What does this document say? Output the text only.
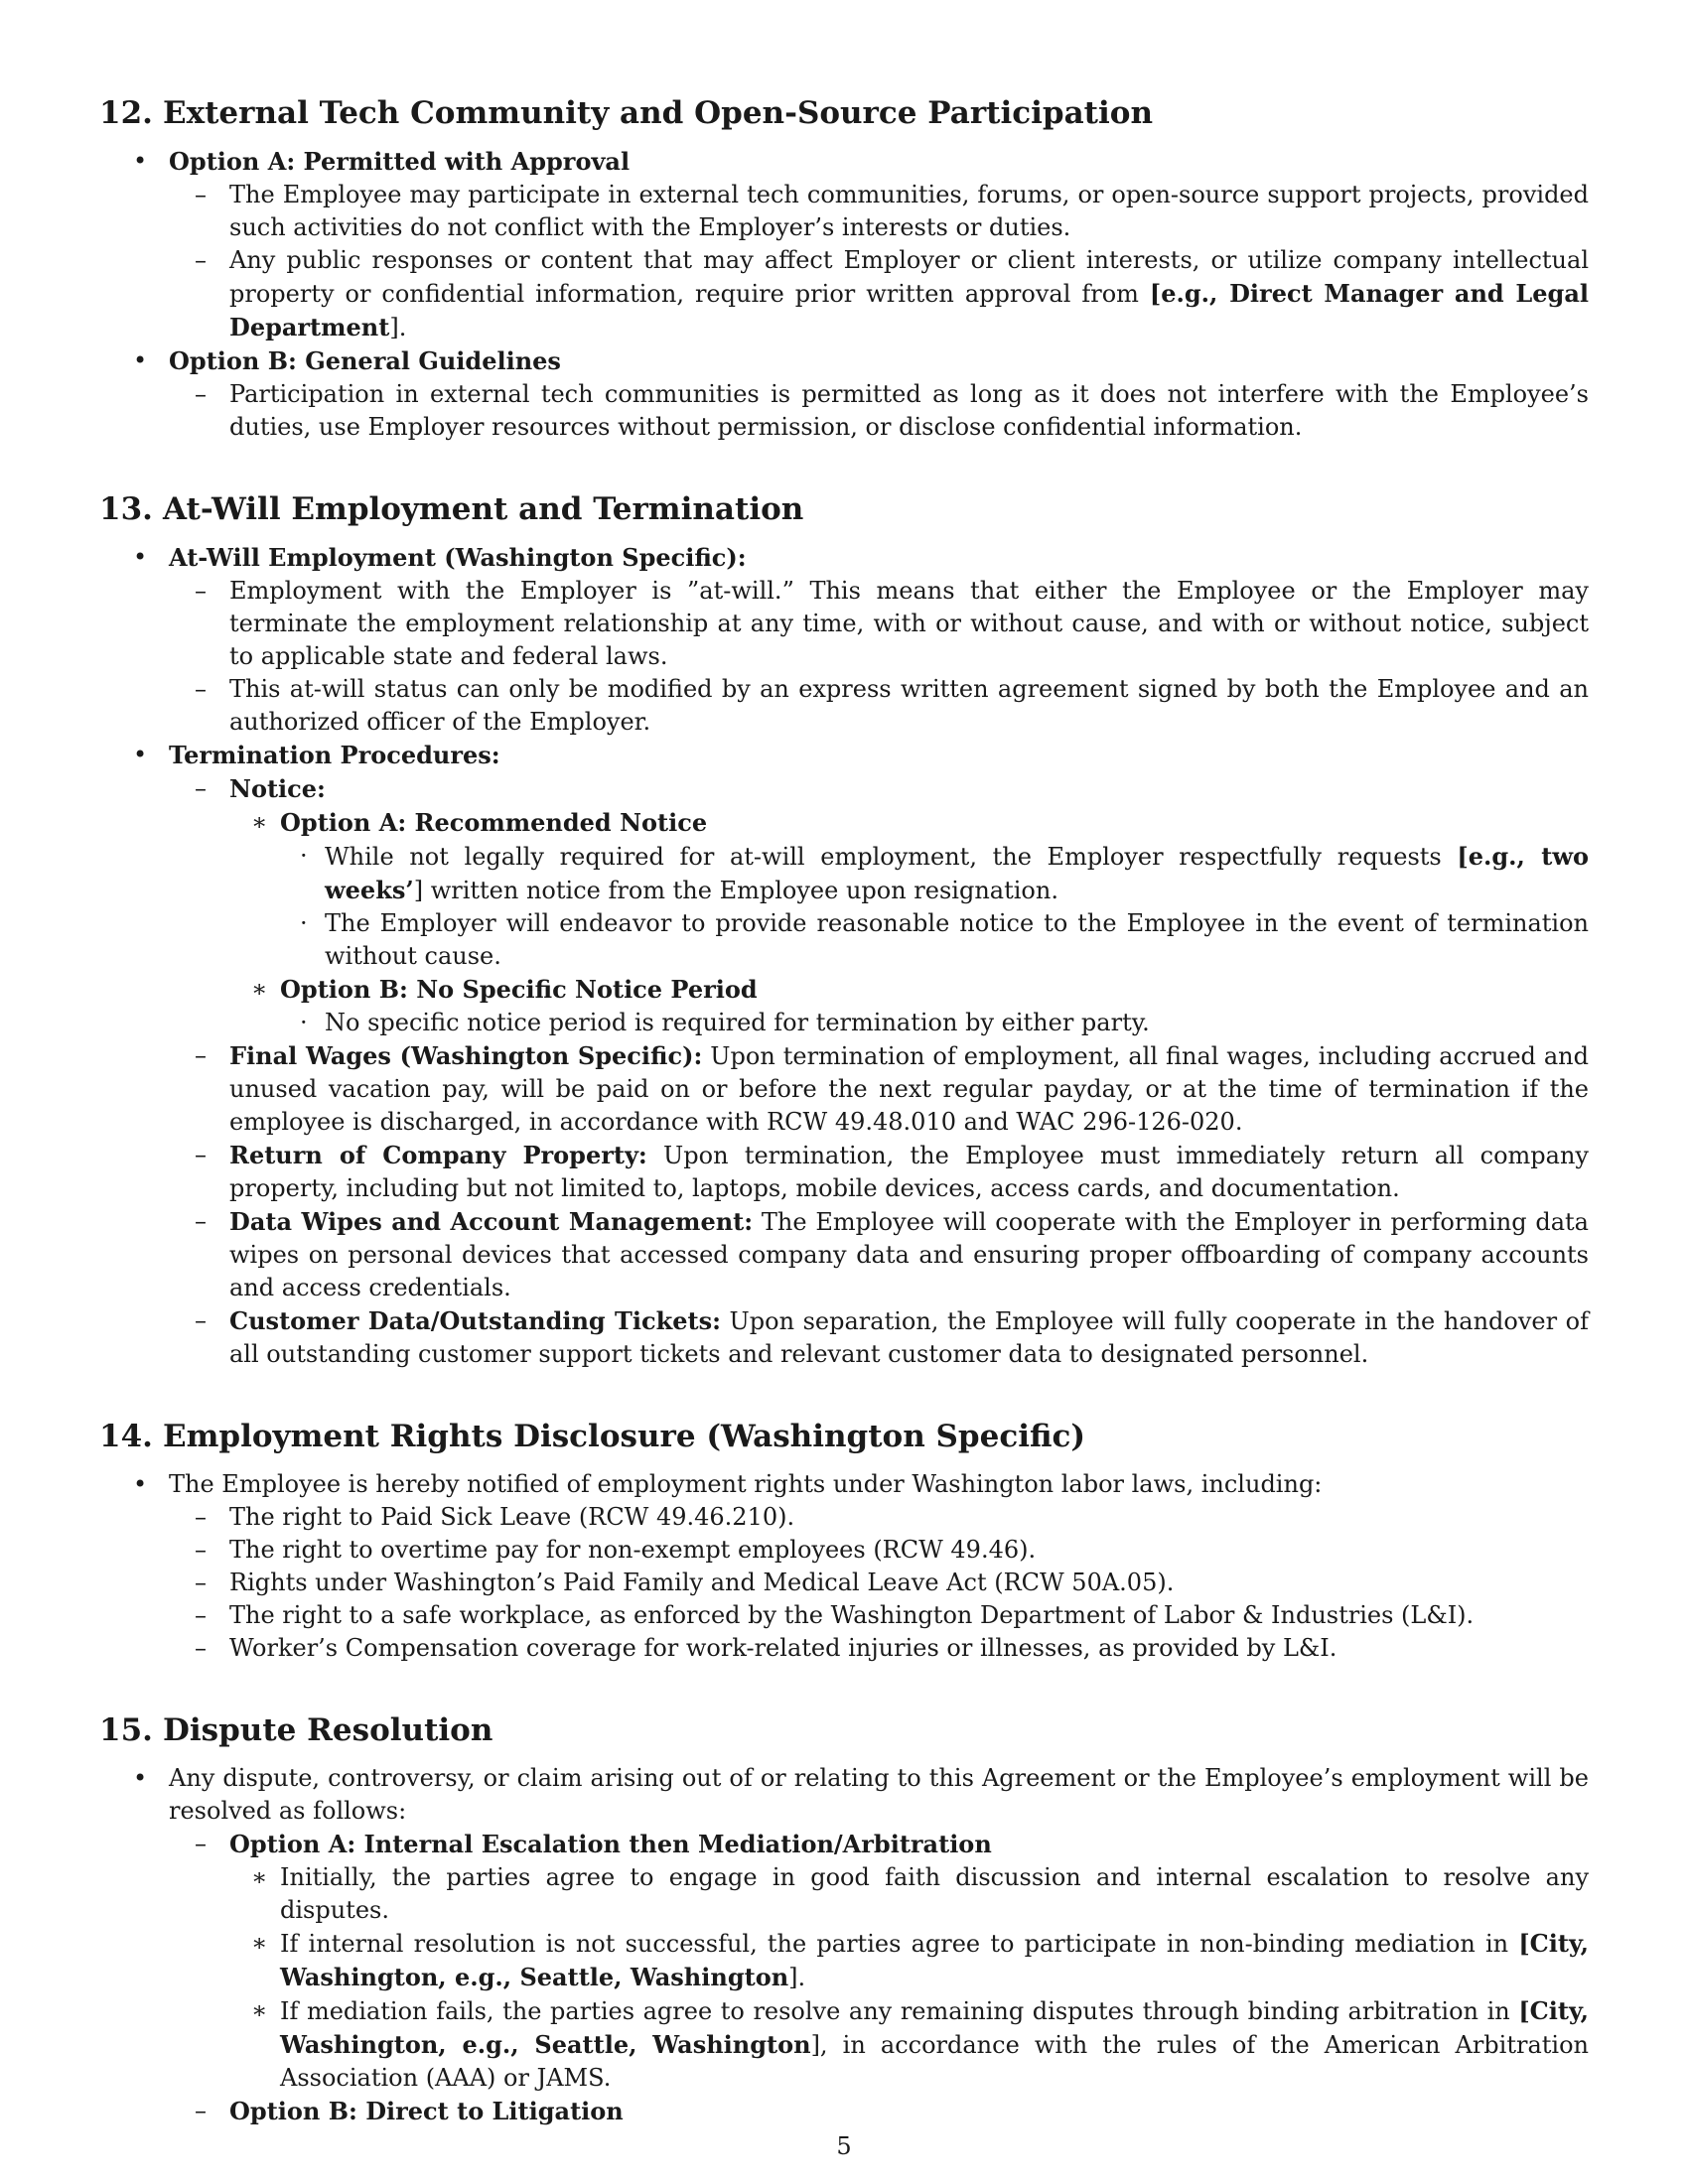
12. External Tech Community and Open-Source Participation
• Option A: Permitted with Approval
– The Employee may participate in external tech communities, forums, or open-source support projects, provided such activities do not conflict with the Employer’s interests or duties.
– Any public responses or content that may affect Employer or client interests, or utilize company intellectual property or confidential information, require prior written approval from [e.g., Direct Manager and Legal Department].
• Option B: General Guidelines
– Participation in external tech communities is permitted as long as it does not interfere with the Employee’s duties, use Employer resources without permission, or disclose confidential information.
13. At-Will Employment and Termination
• At-Will Employment (Washington Specific):
– Employment with the Employer is ”at-will.” This means that either the Employee or the Employer may terminate the employment relationship at any time, with or without cause, and with or without notice, subject to applicable state and federal laws.
– This at-will status can only be modified by an express written agreement signed by both the Employee and an authorized officer of the Employer.
• Termination Procedures:
– Notice:
∗ Option A: Recommended Notice
· While not legally required for at-will employment, the Employer respectfully requests [e.g., two weeks’] written notice from the Employee upon resignation.
· The Employer will endeavor to provide reasonable notice to the Employee in the event of termination without cause.
∗ Option B: No Specific Notice Period
· No specific notice period is required for termination by either party.
– Final Wages (Washington Specific): Upon termination of employment, all final wages, including accrued and unused vacation pay, will be paid on or before the next regular payday, or at the time of termination if the employee is discharged, in accordance with RCW 49.48.010 and WAC 296-126-020.
– Return of Company Property: Upon termination, the Employee must immediately return all company property, including but not limited to, laptops, mobile devices, access cards, and documentation.
– Data Wipes and Account Management: The Employee will cooperate with the Employer in performing data wipes on personal devices that accessed company data and ensuring proper offboarding of company accounts and access credentials.
– Customer Data/Outstanding Tickets: Upon separation, the Employee will fully cooperate in the handover of all outstanding customer support tickets and relevant customer data to designated personnel.
14. Employment Rights Disclosure (Washington Specific)
• The Employee is hereby notified of employment rights under Washington labor laws, including:
– The right to Paid Sick Leave (RCW 49.46.210).
– The right to overtime pay for non-exempt employees (RCW 49.46).
– Rights under Washington’s Paid Family and Medical Leave Act (RCW 50A.05).
– The right to a safe workplace, as enforced by the Washington Department of Labor & Industries (L&I).
– Worker’s Compensation coverage for work-related injuries or illnesses, as provided by L&I.
15. Dispute Resolution
• Any dispute, controversy, or claim arising out of or relating to this Agreement or the Employee’s employment will be resolved as follows:
– Option A: Internal Escalation then Mediation/Arbitration
∗ Initially, the parties agree to engage in good faith discussion and internal escalation to resolve any disputes.
∗ If internal resolution is not successful, the parties agree to participate in non-binding mediation in [City, Washington, e.g., Seattle, Washington].
∗ If mediation fails, the parties agree to resolve any remaining disputes through binding arbitration in [City, Washington, e.g., Seattle, Washington], in accordance with the rules of the American Arbitration Association (AAA) or JAMS.
– Option B: Direct to Litigation
5
